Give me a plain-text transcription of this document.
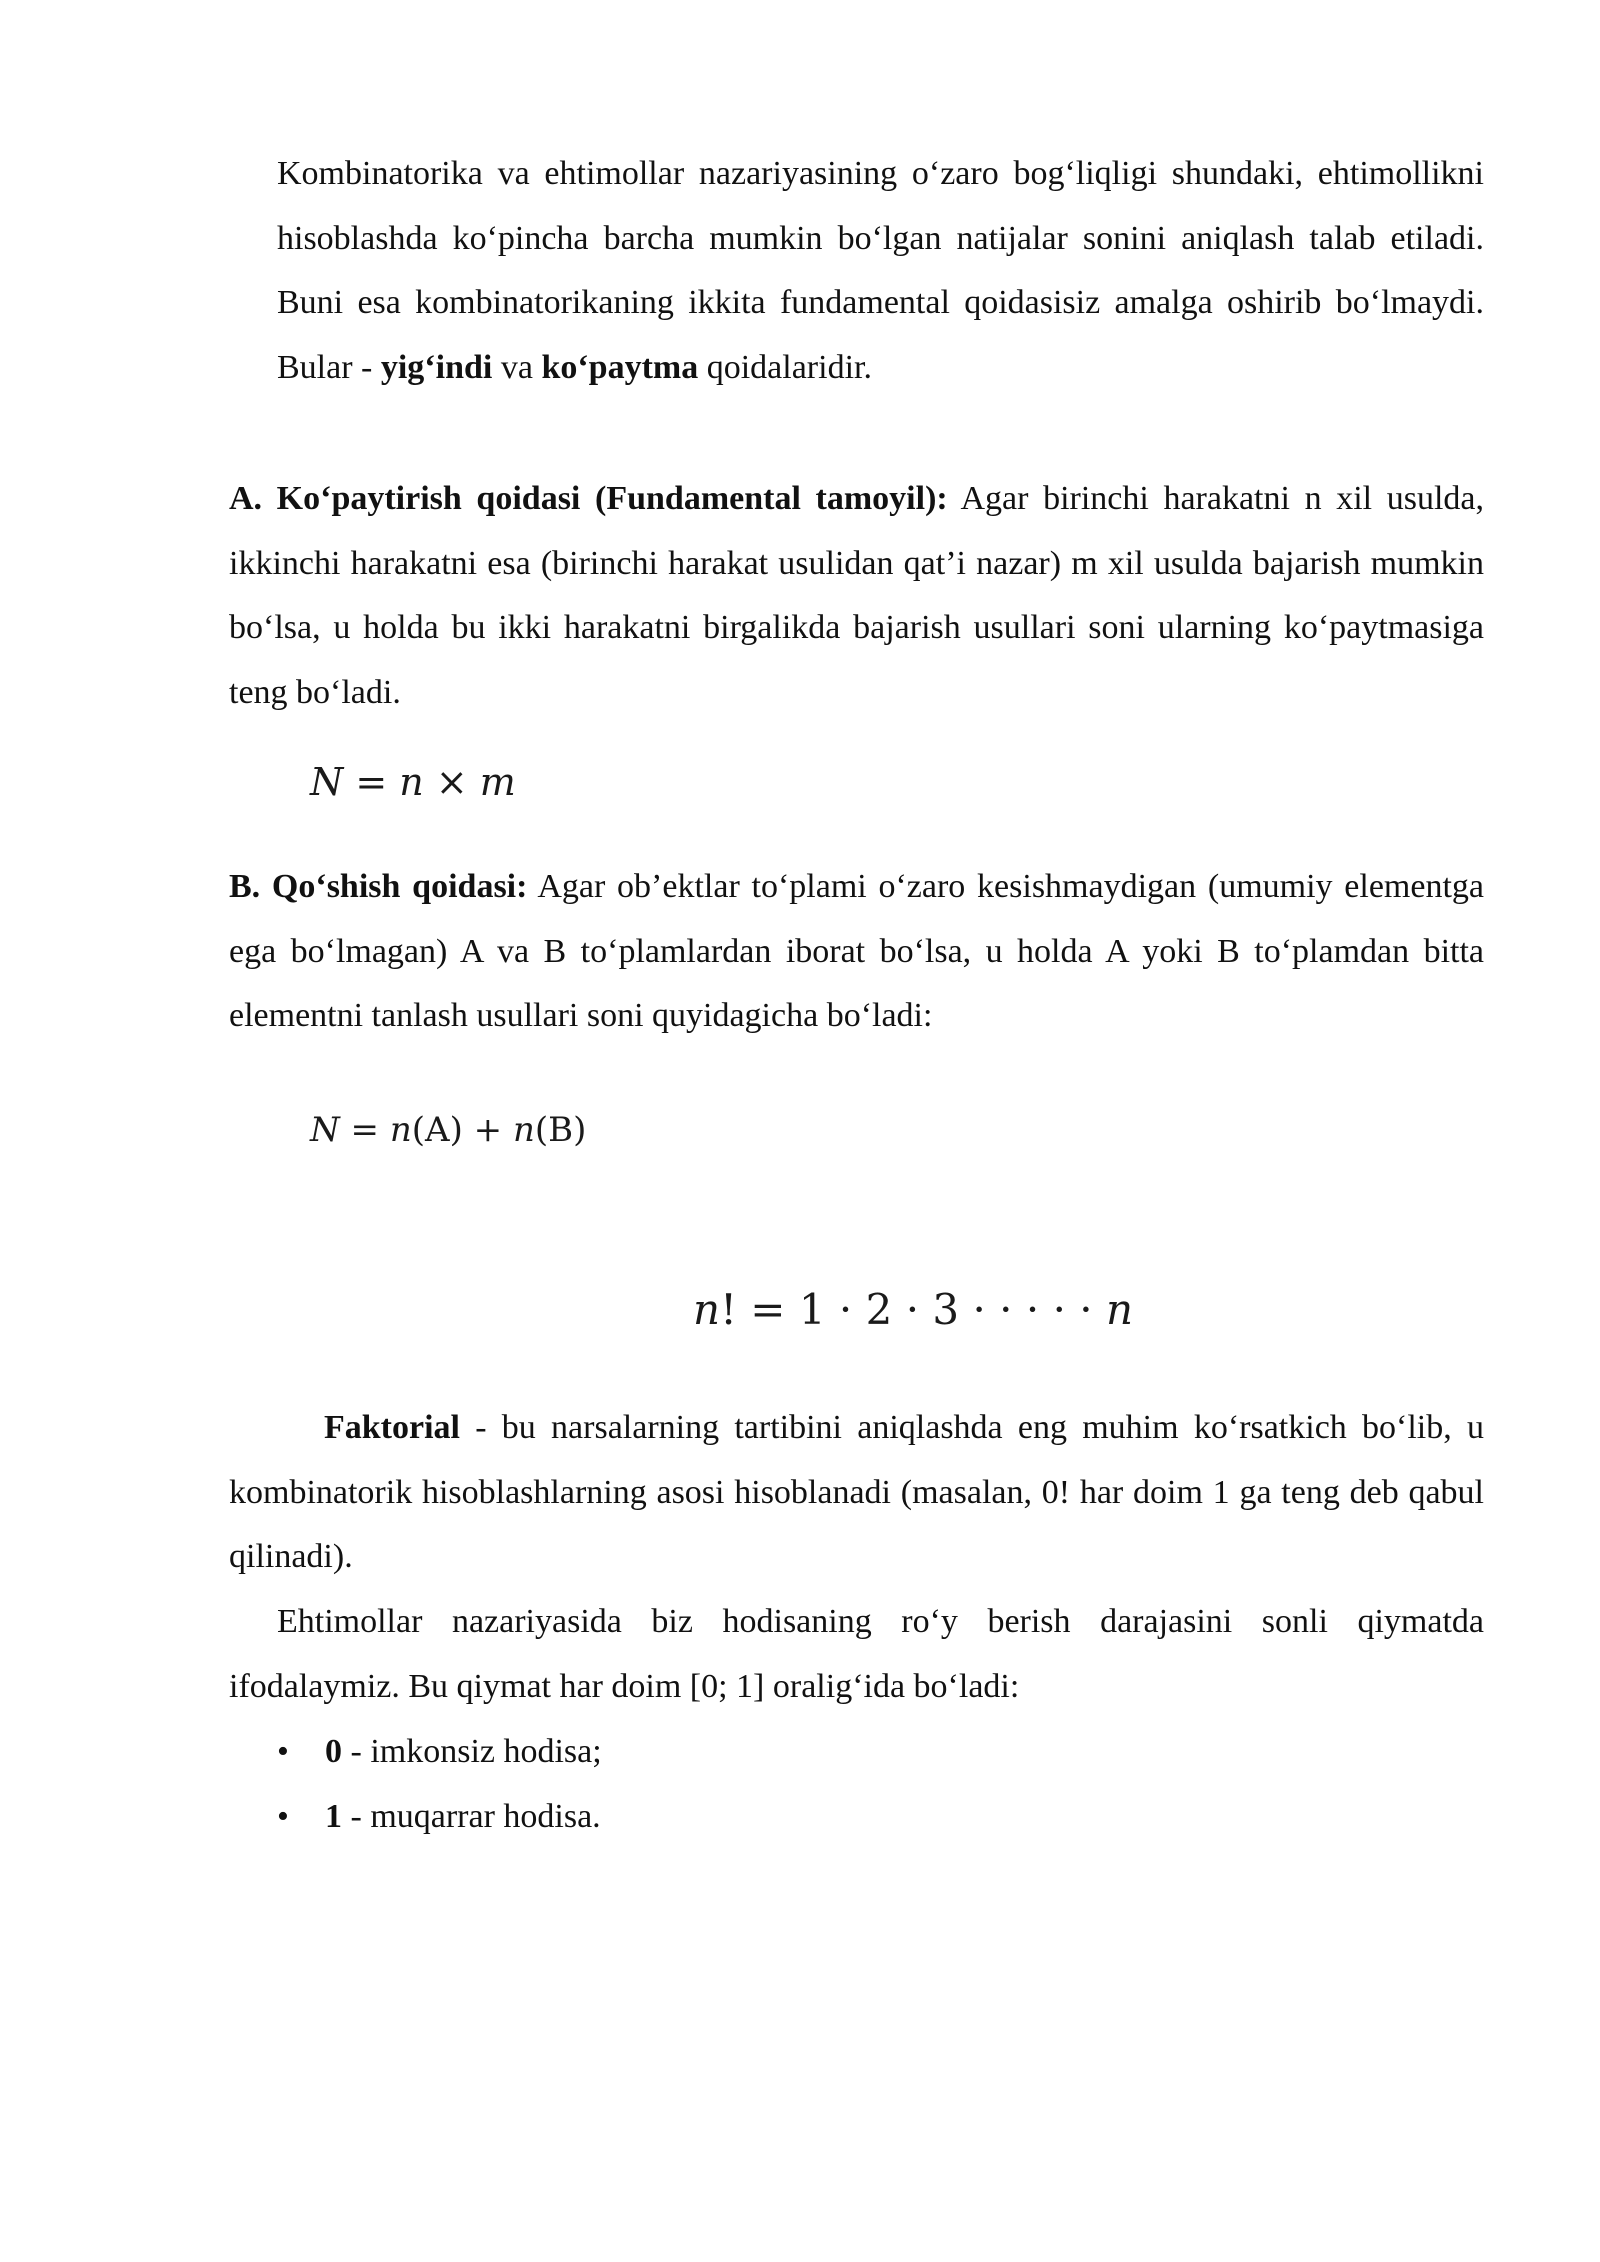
Kombinatorika va ehtimollar nazariyasining o‘zaro bog‘liqligi shundaki, ehtimollikni hisoblashda ko‘pincha barcha mumkin bo‘lgan natijalar sonini aniqlash talab etiladi. Buni esa kombinatorikaning ikkita fundamental qoidasisiz amalga oshirib bo‘lmaydi. Bular - yig‘indi va ko‘paytma qoidalaridir.

A. Ko‘paytirish qoidasi (Fundamental tamoyil): Agar birinchi harakatni n xil usulda, ikkinchi harakatni esa (birinchi harakat usulidan qat’i nazar) m xil usulda bajarish mumkin bo‘lsa, u holda bu ikki harakatni birgalikda bajarish usullari soni ularning ko‘paytmasiga teng bo‘ladi.

N = n × m

B. Qo‘shish qoidasi: Agar ob’ektlar to‘plami o‘zaro kesishmaydigan (umumiy elementga ega bo‘lmagan) A va B to‘plamlardan iborat bo‘lsa, u holda A yoki B to‘plamdan bitta elementni tanlash usullari soni quyidagicha bo‘ladi:

N = n(A) + n(B)
n! = 1 · 2 · 3 · · · · · n

Faktorial - bu narsalarning tartibini aniqlashda eng muhim ko‘rsatkich bo‘lib, u kombinatorik hisoblashlarning asosi hisoblanadi (masalan, 0! har doim 1 ga teng deb qabul qilinadi).

Ehtimollar nazariyasida biz hodisaning ro‘y berish darajasini sonli qiymatda ifodalaymiz. Bu qiymat har doim [0; 1] oralig‘ida bo‘ladi:

• 0 - imkonsiz hodisa;
• 1 - muqarrar hodisa.
